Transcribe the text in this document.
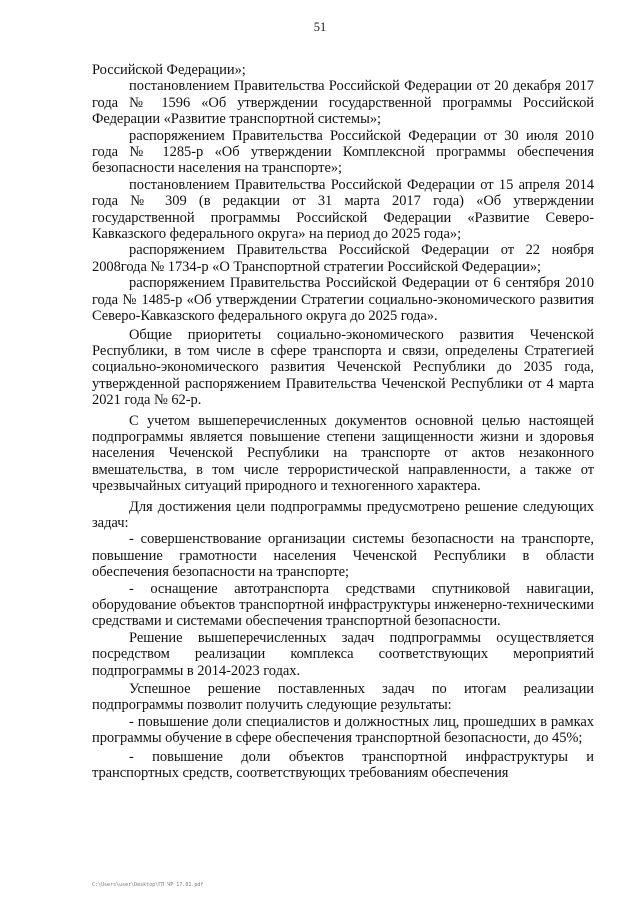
51

Российской Федерации»;

постановлением Правительства Российской Федерации от 20 декабря 2017 года № 1596 «Об утверждении государственной программы Российской Федерации «Развитие транспортной системы»;

распоряжением Правительства Российской Федерации от 30 июля 2010 года № 1285-р «Об утверждении Комплексной программы обеспечения безопасности населения на транспорте»;

постановлением Правительства Российской Федерации от 15 апреля 2014 года № 309 (в редакции от 31 марта 2017 года) «Об утверждении государственной программы Российской Федерации «Развитие Северо-Кавказского федерального округа» на период до 2025 года»;

распоряжением Правительства Российской Федерации от 22 ноября 2008года № 1734-р «О Транспортной стратегии Российской Федерации»;

распоряжением Правительства Российской Федерации от 6 сентября 2010 года № 1485-р «Об утверждении Стратегии социально-экономического развития Северо-Кавказского федерального округа до 2025 года».

Общие приоритеты социально-экономического развития Чеченской Республики, в том числе в сфере транспорта и связи, определены Стратегией социально-экономического развития Чеченской Республики до 2035 года, утвержденной распоряжением Правительства Чеченской Республики от 4 марта 2021 года № 62-р.

С учетом вышеперечисленных документов основной целью настоящей подпрограммы является повышение степени защищенности жизни и здоровья населения Чеченской Республики на транспорте от актов незаконного вмешательства, в том числе террористической направленности, а также от чрезвычайных ситуаций природного и техногенного характера.

Для достижения цели подпрограммы предусмотрено решение следующих задач:

- совершенствование организации системы безопасности на транспорте, повышение грамотности населения Чеченской Республики в области обеспечения безопасности на транспорте;

- оснащение автотранспорта средствами спутниковой навигации, оборудование объектов транспортной инфраструктуры инженерно-техническими средствами и системами обеспечения транспортной безопасности.

Решение вышеперечисленных задач подпрограммы осуществляется посредством реализации комплекса соответствующих мероприятий подпрограммы в 2014-2023 годах.

Успешное решение поставленных задач по итогам реализации подпрограммы позволит получить следующие результаты:

- повышение доли специалистов и должностных лиц, прошедших в рамках программы обучение в сфере обеспечения транспортной безопасности, до 45%;

- повышение доли объектов транспортной инфраструктуры и транспортных средств, соответствующих требованиям обеспечения

C:\Users\user\Desktop\ГП ЧР 17.01.pdf
